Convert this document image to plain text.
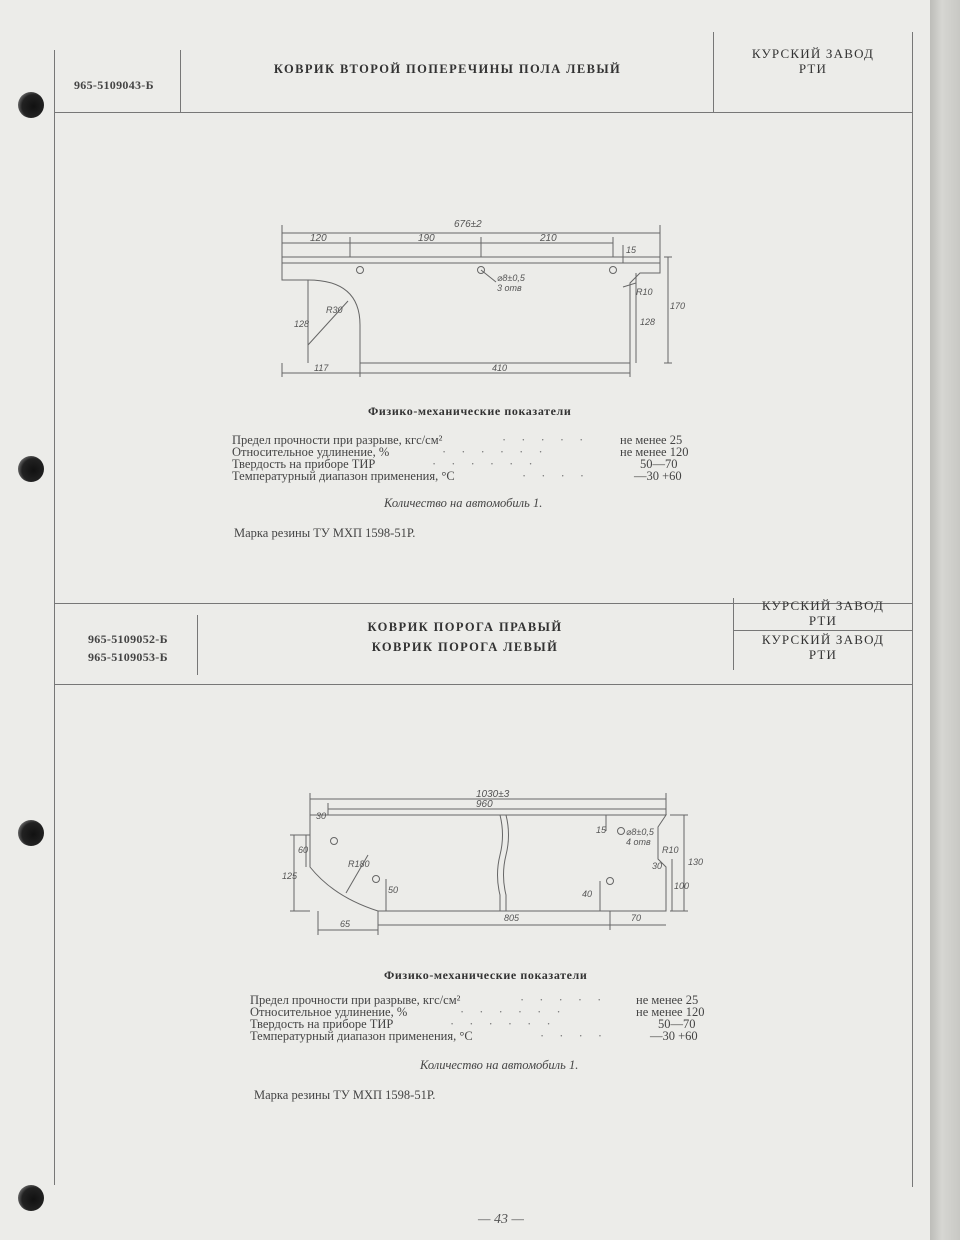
965-5109043-Б
КОВРИК ВТОРОЙ ПОПЕРЕЧИНЫ ПОЛА ЛЕВЫЙ
КУРСКИЙ ЗАВОД
РТИ
676±2
120	190	210
15
⌀8±0,5
3 отв	R10
R30
128	128
170
117	410
Физико-механические показатели
Предел прочности при разрыве, кгс/см²	· · · · · не менее 25
Относительное удлинение, %	· · · · · ·	не менее 120
Твердость на приборе ТИР	· · · · · ·	50—70
Температурный диапазон применения, °С	· · · ·	—30 +60
Количество на автомобиль 1.
Марка резины ТУ МХП 1598-51Р.
965-5109052-Б
965-5109053-Б
КОВРИК ПОРОГА ПРАВЫЙ
КОВРИК ПОРОГА ЛЕВЫЙ
КУРСКИЙ ЗАВОД
РТИ
КУРСКИЙ ЗАВОД
РТИ
1030±3
30
960
15 ⌀8±0,5
4 отв
R10
60
125
R180
50	40
30
100
130
65
805	70
Физико-механические показатели
Предел прочности при разрыве, кгс/см²	· · · · · не менее 25
Относительное удлинение, %	· · · · · ·	не менее 120
Твердость на приборе ТИР	· · · · · ·	50—70
Температурный диапазон применения, °С	· · · ·	—30 +60
Количество на автомобиль 1.
Марка резины ТУ МХП 1598-51Р.
— 43 —
